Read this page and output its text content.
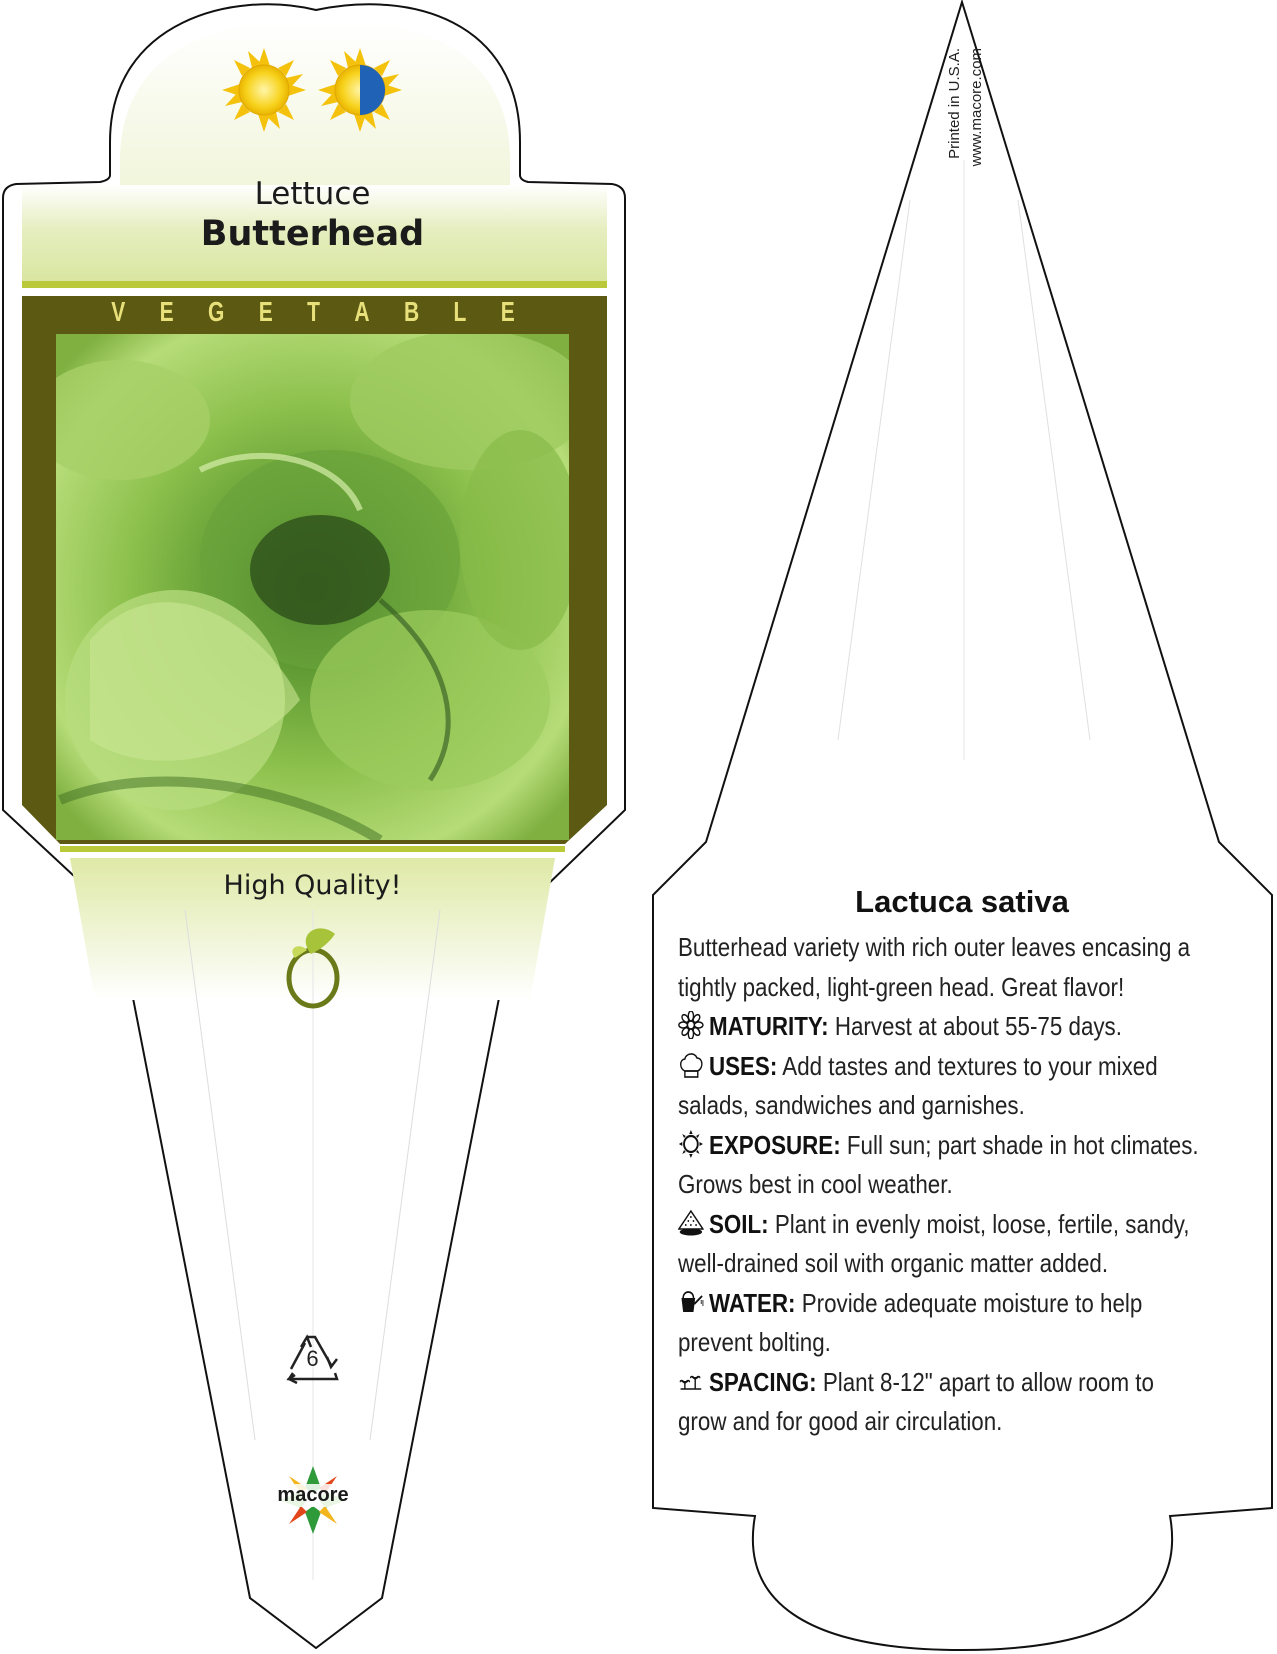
Lettuce
Butterhead
V E G E T A B L E
High Quality!
6
macore
Printed in U.S.A. www.macore.com
Lactuca sativa
Butterhead variety with rich outer leaves encasing a
tightly packed, light-green head. Great flavor!
MATURITY: Harvest at about 55-75 days.
USES: Add tastes and textures to your mixed
salads, sandwiches and garnishes.
EXPOSURE: Full sun; part shade in hot climates.
Grows best in cool weather.
SOIL: Plant in evenly moist, loose, fertile, sandy,
well-drained soil with organic matter added.
WATER: Provide adequate moisture to help
prevent bolting.
SPACING: Plant 8-12" apart to allow room to
grow and for good air circulation.
